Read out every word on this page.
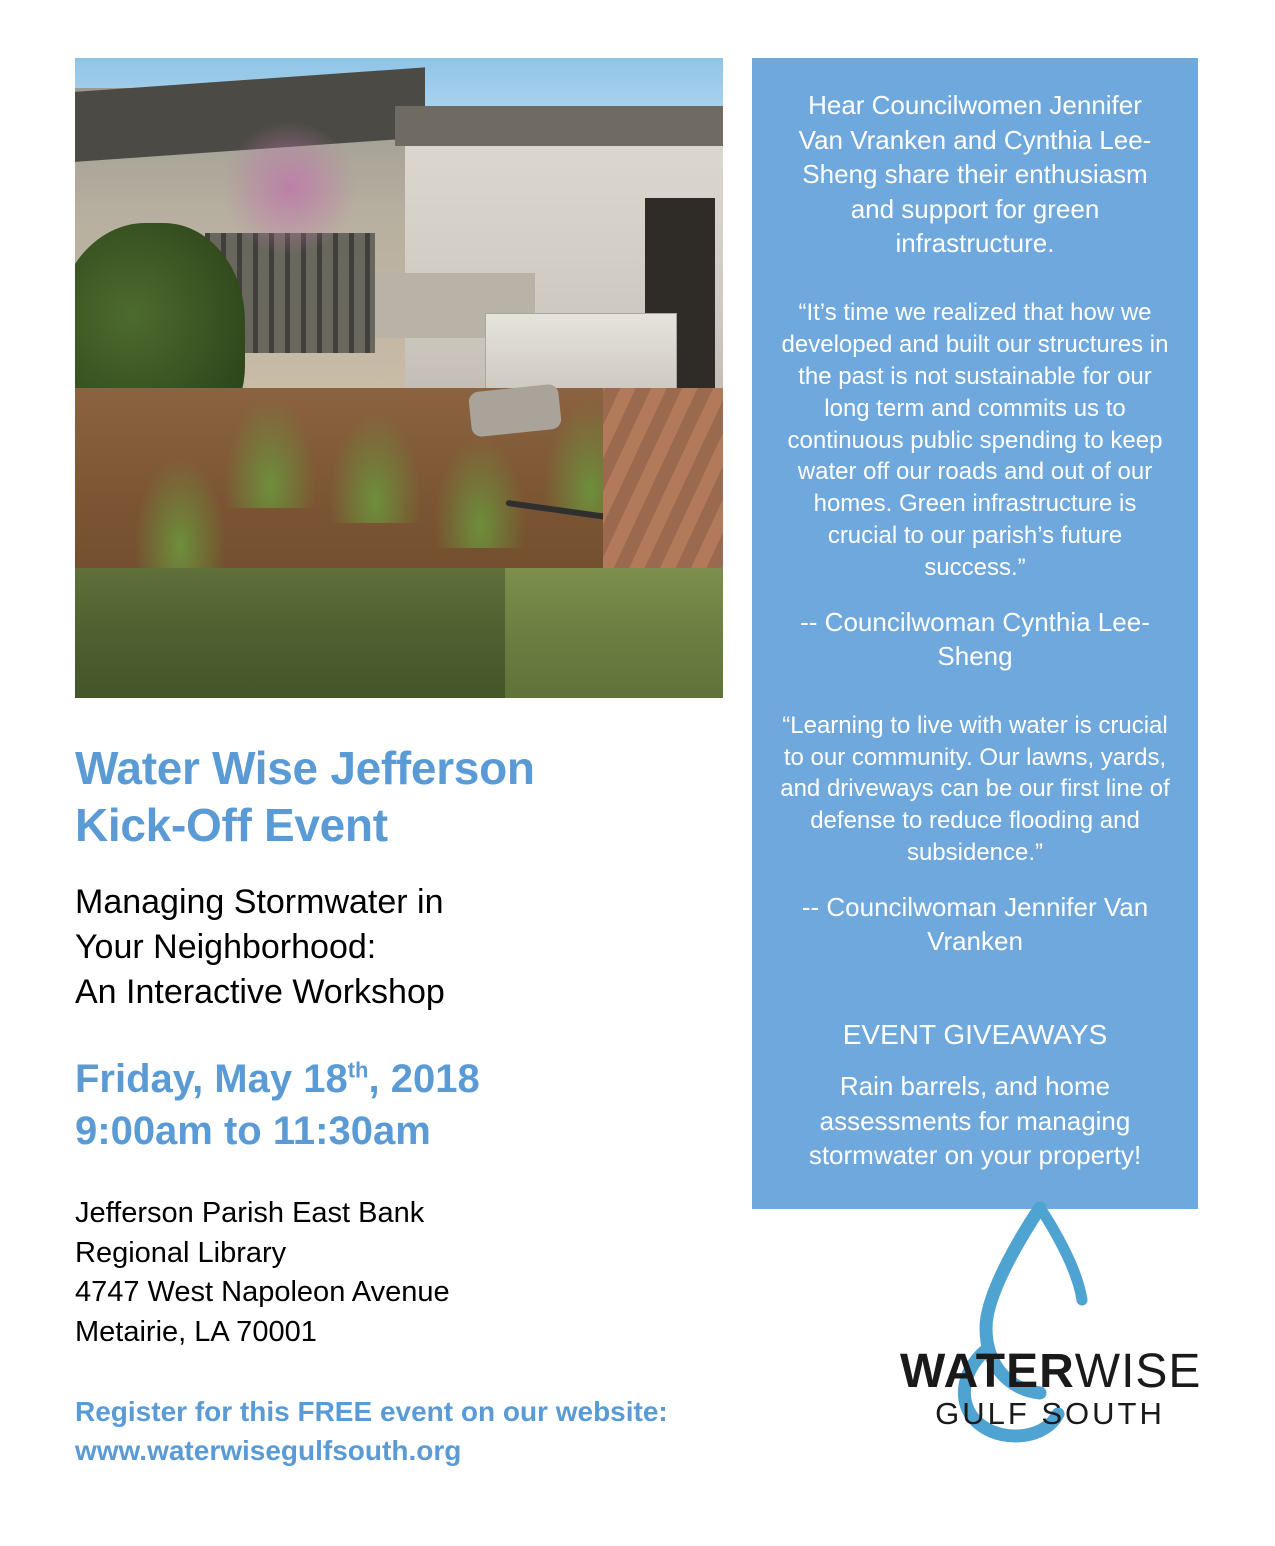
Water Wise Jefferson
Kick-Off Event

Managing Stormwater in
Your Neighborhood:
An Interactive Workshop

Friday, May 18th, 2018
9:00am to 11:30am

Jefferson Parish East Bank
Regional Library
4747 West Napoleon Avenue
Metairie, LA 70001

Register for this FREE event on our website:
www.waterwisegulfsouth.org

Hear Councilwomen Jennifer Van Vranken and Cynthia Lee-Sheng share their enthusiasm and support for green infrastructure.

“It’s time we realized that how we developed and built our structures in the past is not sustainable for our long term and commits us to continuous public spending to keep water off our roads and out of our homes. Green infrastructure is crucial to our parish’s future success.”

-- Councilwoman Cynthia Lee-Sheng

“Learning to live with water is crucial to our community. Our lawns, yards, and driveways can be our first line of defense to reduce flooding and subsidence.”

-- Councilwoman Jennifer Van Vranken

EVENT GIVEAWAYS

Rain barrels, and home assessments for managing stormwater on your property!

WATERWISE
GULF SOUTH
